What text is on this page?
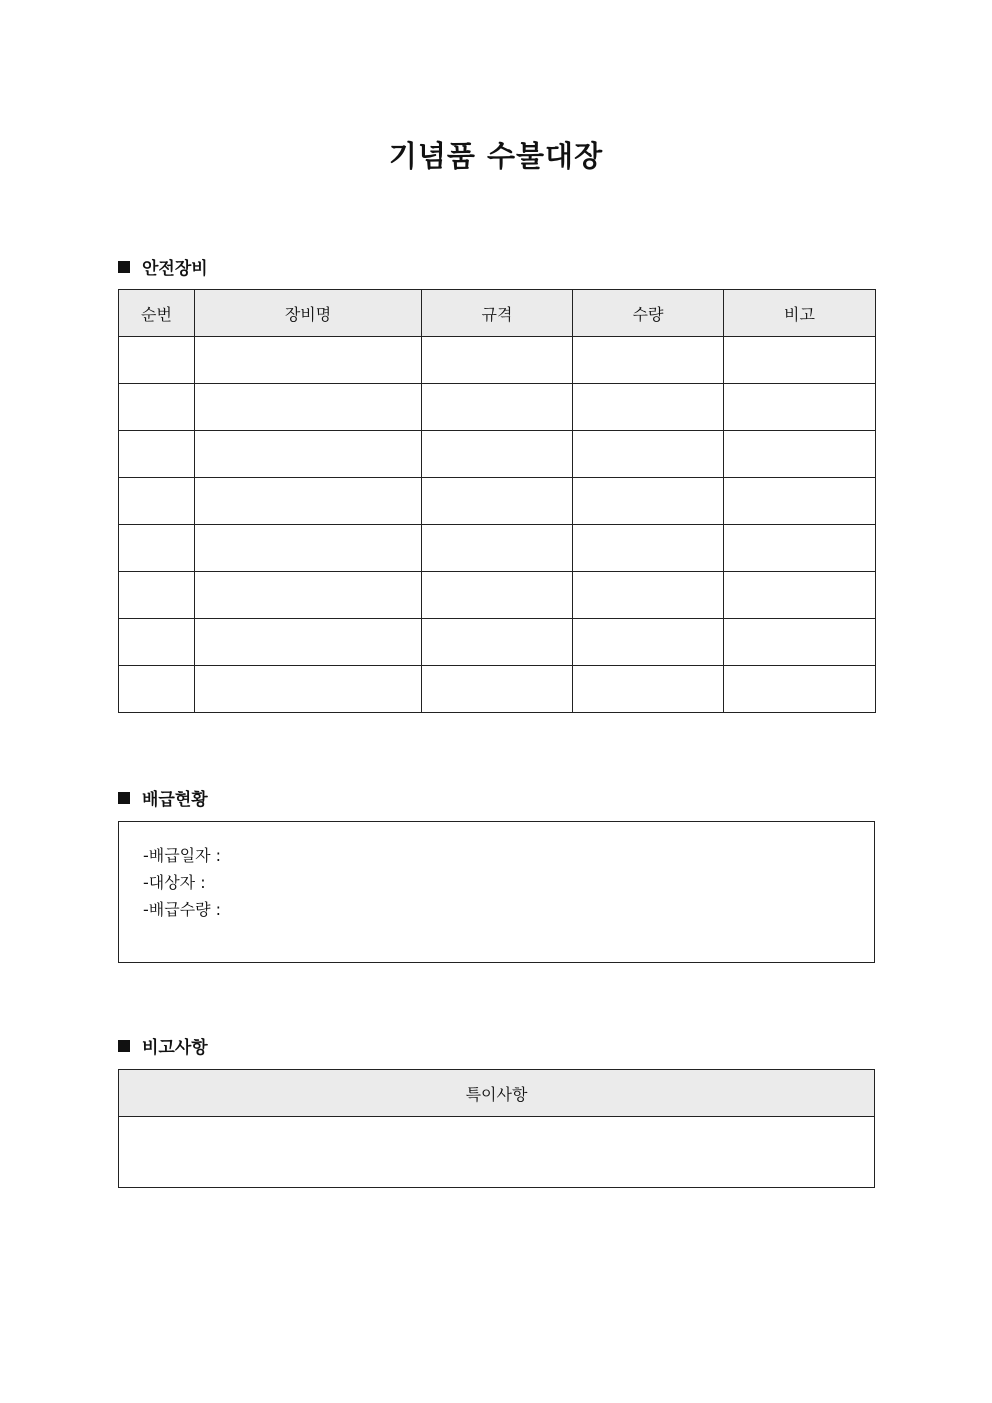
기념품 수불대장
안전장비
순번	장비명	규격	수량	비고

배급현황
-배급일자 :
-대상자 :
-배급수량 :
비고사항
특이사항
